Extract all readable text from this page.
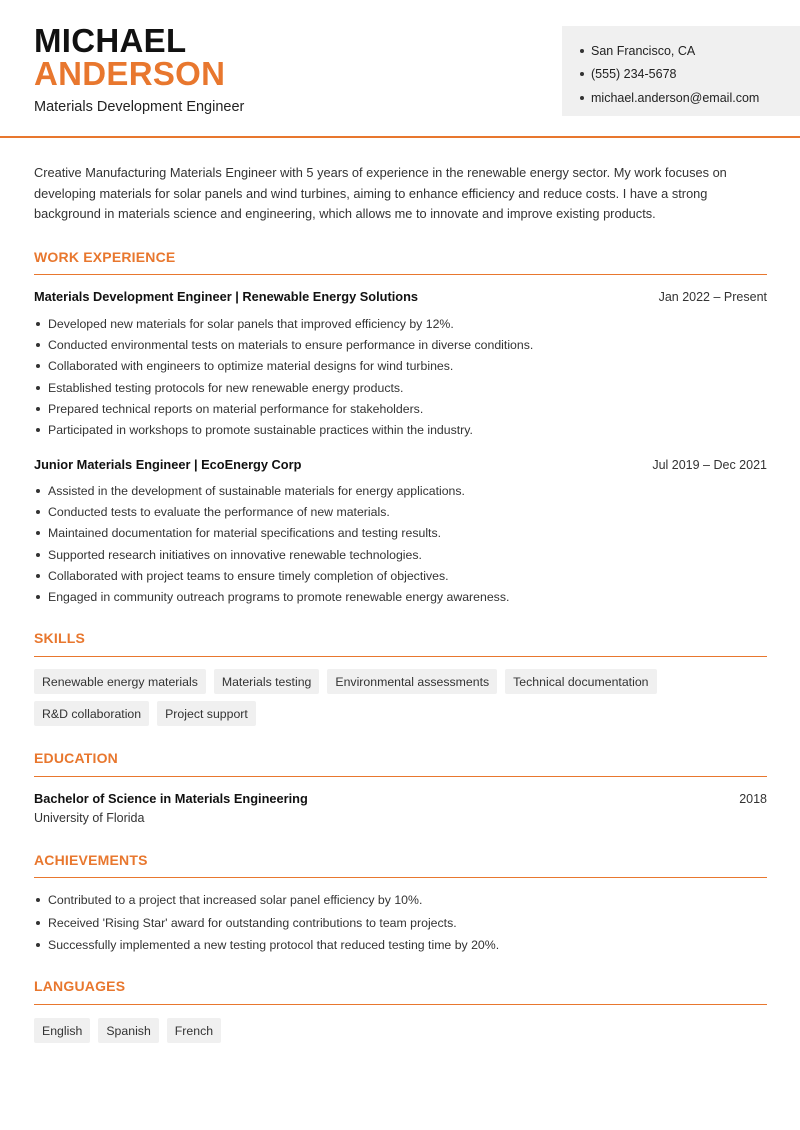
MICHAEL
ANDERSON
Materials Development Engineer
San Francisco, CA
(555) 234-5678
michael.anderson@email.com
Creative Manufacturing Materials Engineer with 5 years of experience in the renewable energy sector. My work focuses on developing materials for solar panels and wind turbines, aiming to enhance efficiency and reduce costs. I have a strong background in materials science and engineering, which allows me to innovate and improve existing products.
WORK EXPERIENCE
Materials Development Engineer | Renewable Energy Solutions	Jan 2022 – Present
Developed new materials for solar panels that improved efficiency by 12%.
Conducted environmental tests on materials to ensure performance in diverse conditions.
Collaborated with engineers to optimize material designs for wind turbines.
Established testing protocols for new renewable energy products.
Prepared technical reports on material performance for stakeholders.
Participated in workshops to promote sustainable practices within the industry.
Junior Materials Engineer | EcoEnergy Corp	Jul 2019 – Dec 2021
Assisted in the development of sustainable materials for energy applications.
Conducted tests to evaluate the performance of new materials.
Maintained documentation for material specifications and testing results.
Supported research initiatives on innovative renewable technologies.
Collaborated with project teams to ensure timely completion of objectives.
Engaged in community outreach programs to promote renewable energy awareness.
SKILLS
Renewable energy materials	Materials testing	Environmental assessments	Technical documentation
R&D collaboration	Project support
EDUCATION
Bachelor of Science in Materials Engineering	2018
University of Florida
ACHIEVEMENTS
Contributed to a project that increased solar panel efficiency by 10%.
Received 'Rising Star' award for outstanding contributions to team projects.
Successfully implemented a new testing protocol that reduced testing time by 20%.
LANGUAGES
English	Spanish	French
